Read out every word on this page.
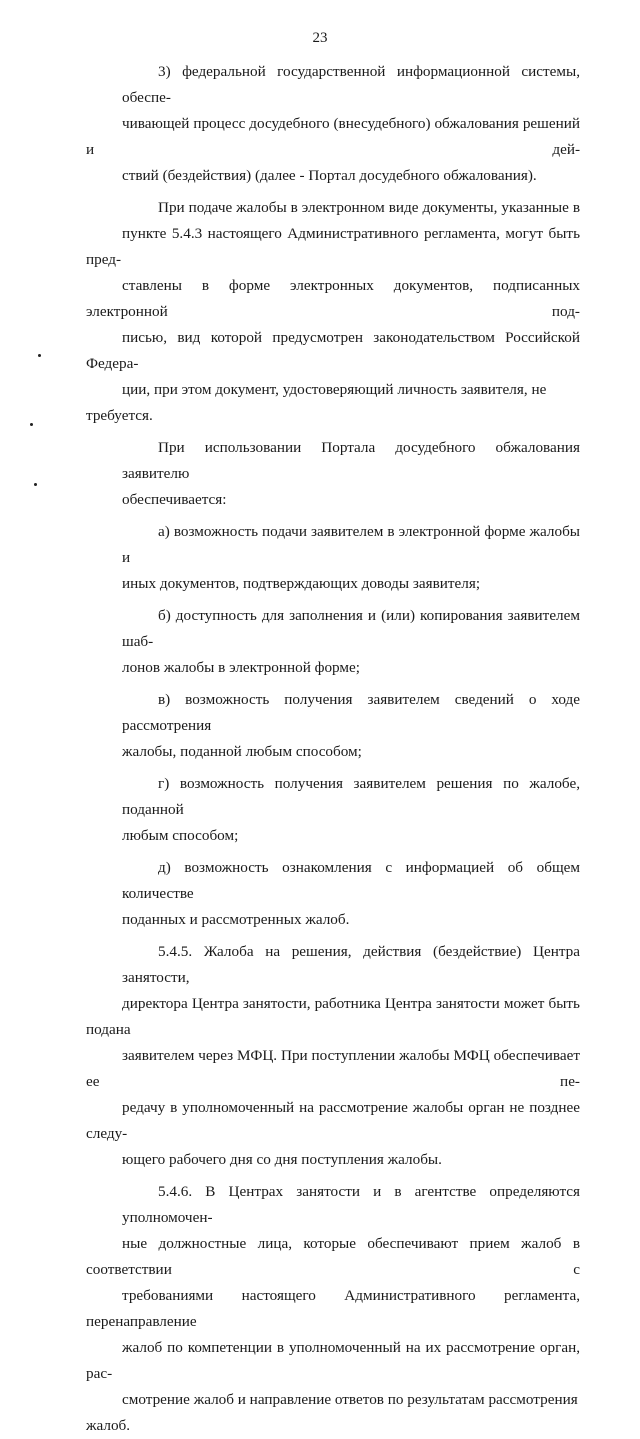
23

3) федеральной государственной информационной системы, обеспе-
чивающей процесс досудебного (внесудебного) обжалования решений и дей-
ствий (бездействия) (далее - Портал досудебного обжалования).

При подаче жалобы в электронном виде документы, указанные в
пункте 5.4.3 настоящего Административного регламента, могут быть пред-
ставлены в форме электронных документов, подписанных электронной под-
писью, вид которой предусмотрен законодательством Российской Федера-
ции, при этом документ, удостоверяющий личность заявителя, не требуется.

При использовании Портала досудебного обжалования заявителю
обеспечивается:

а) возможность подачи заявителем в электронной форме жалобы и
иных документов, подтверждающих доводы заявителя;

б) доступность для заполнения и (или) копирования заявителем шаб-
лонов жалобы в электронной форме;

в) возможность получения заявителем сведений о ходе рассмотрения
жалобы, поданной любым способом;

г) возможность получения заявителем решения по жалобе, поданной
любым способом;

д) возможность ознакомления с информацией об общем количестве
поданных и рассмотренных жалоб.

5.4.5. Жалоба на решения, действия (бездействие) Центра занятости,
директора Центра занятости, работника Центра занятости может быть подана
заявителем через МФЦ. При поступлении жалобы МФЦ обеспечивает ее пе-
редачу в уполномоченный на рассмотрение жалобы орган не позднее следу-
ющего рабочего дня со дня поступления жалобы.

5.4.6. В Центрах занятости и в агентстве определяются уполномочен-
ные должностные лица, которые обеспечивают прием жалоб в соответствии с
требованиями настоящего Административного регламента, перенаправление
жалоб по компетенции в уполномоченный на их рассмотрение орган, рас-
смотрение жалоб и направление ответов по результатам рассмотрения жалоб.
